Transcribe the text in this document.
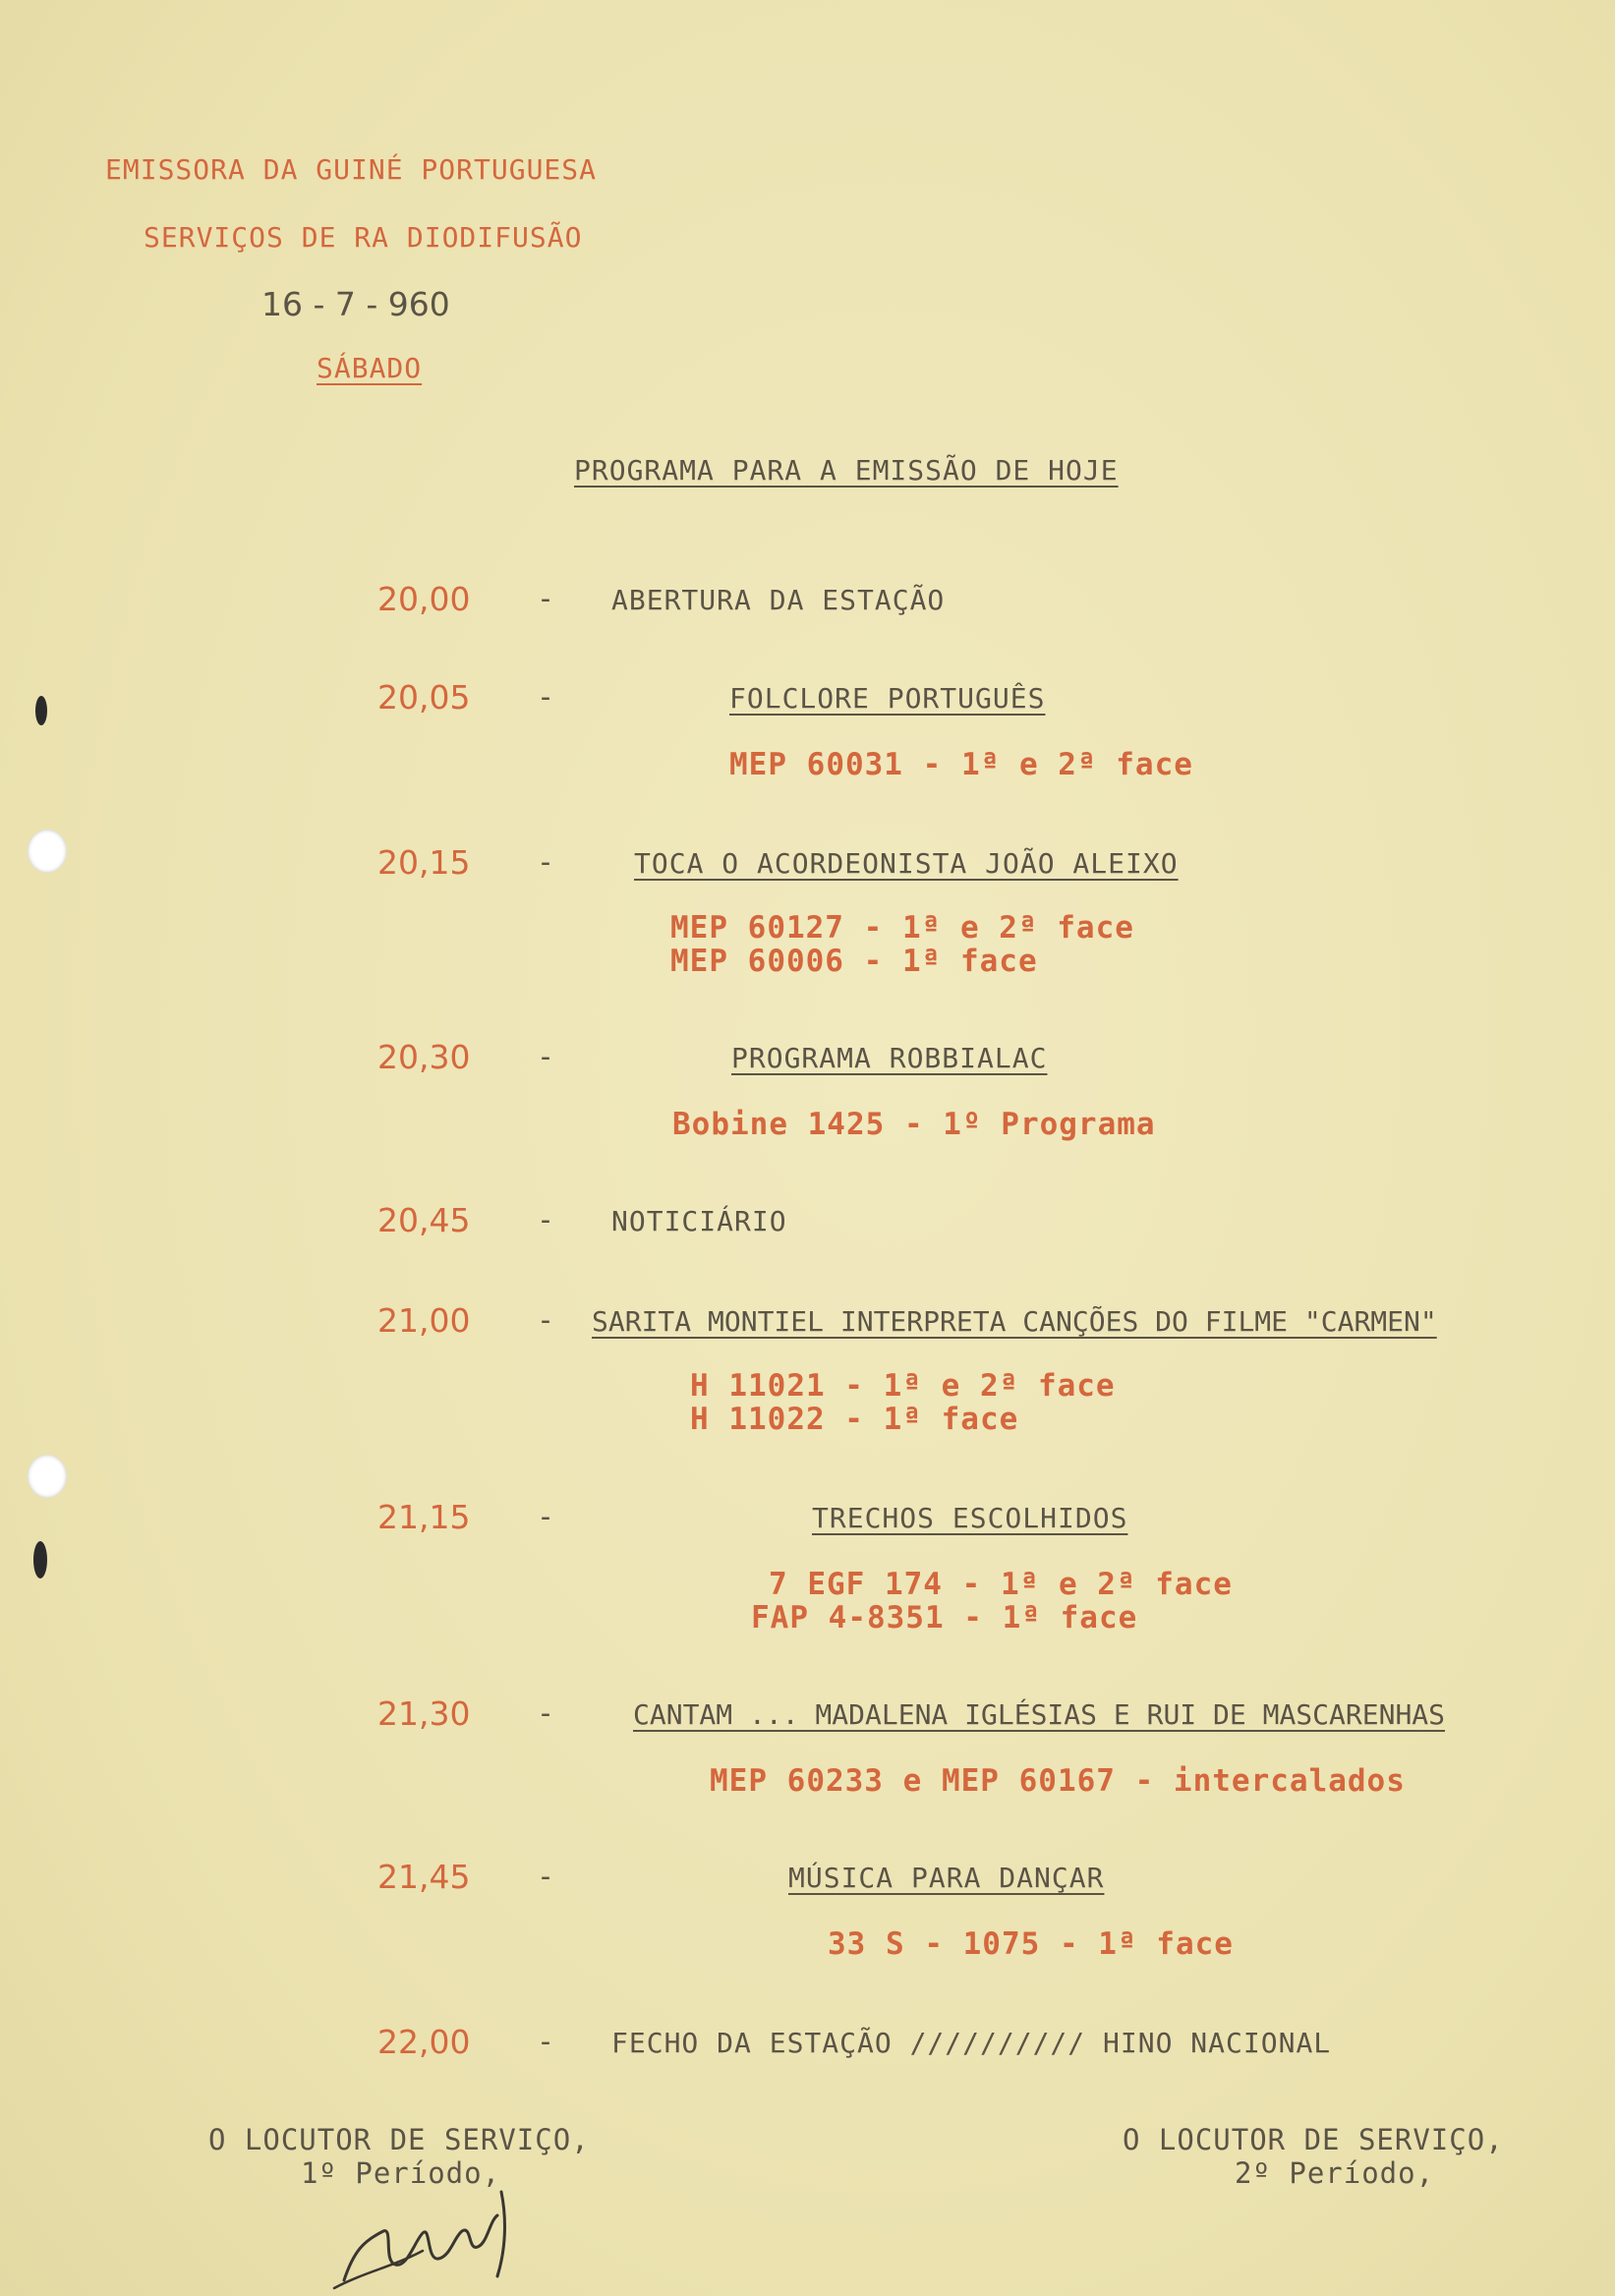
EMISSORA DA GUINÉ PORTUGUESA
SERVIÇOS DE RA DIODIFUSÃO
16 - 7 - 960
SÁBADO
PROGRAMA PARA A EMISSÃO DE HOJE
20,00 - ABERTURA DA ESTAÇÃO
20,05 -	FOLCLORE PORTUGUÊS
MEP 60031 - 1ª e 2ª face
20,15 -	TOCA O ACORDEONISTA JOÃO ALEIXO
MEP 60127 - 1ª e 2ª face
MEP 60006 - 1ª face
20,30 -	PROGRAMA ROBBIALAC
Bobine 1425 - 1º Programa
20,45 - NOTICIÁRIO
21,00 - SARITA MONTIEL INTERPRETA CANÇÕES DO FILME "CARMEN"
H 11021 - 1ª e 2ª face
H 11022 - 1ª face
21,15 -	TRECHOS ESCOLHIDOS
7 EGF 174 - 1ª e 2ª face
FAP 4-8351 - 1ª face
21,30 -	CANTAM ... MADALENA IGLÉSIAS E RUI DE MASCARENHAS
MEP 60233 e MEP 60167 - intercalados
21,45 -	MÚSICA PARA DANÇAR
33 S - 1075 - 1ª face
22,00 - FECHO DA ESTAÇÃO ////////// HINO NACIONAL
O LOCUTOR DE SERVIÇO,
1º Período,
O LOCUTOR DE SERVIÇO,
2º Período,
